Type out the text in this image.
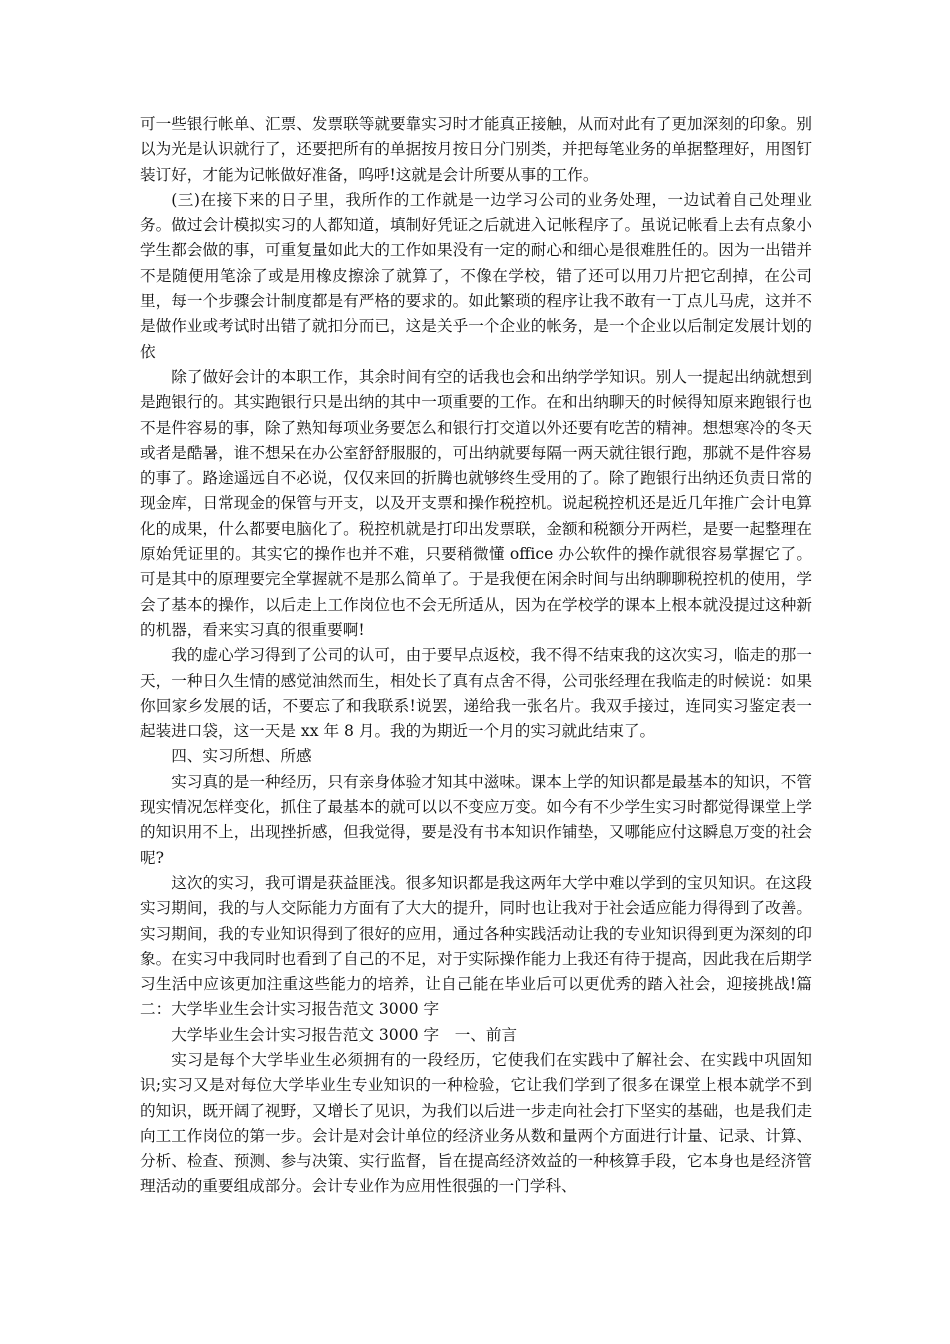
可一些银行帐单、汇票、发票联等就要靠实习时才能真正接触，从而对此有了更加深刻的印象。别以为光是认识就行了，还要把所有的单据按月按日分门别类，并把每笔业务的单据整理好，用图钉装订好，才能为记帐做好准备，呜呼!这就是会计所要从事的工作。

(三)在接下来的日子里，我所作的工作就是一边学习公司的业务处理，一边试着自己处理业务。做过会计模拟实习的人都知道，填制好凭证之后就进入记帐程序了。虽说记帐看上去有点象小学生都会做的事，可重复量如此大的工作如果没有一定的耐心和细心是很难胜任的。因为一出错并不是随便用笔涂了或是用橡皮擦涂了就算了，不像在学校，错了还可以用刀片把它刮掉，在公司里，每一个步骤会计制度都是有严格的要求的。如此繁琐的程序让我不敢有一丁点儿马虎，这并不是做作业或考试时出错了就扣分而已，这是关乎一个企业的帐务，是一个企业以后制定发展计划的依

除了做好会计的本职工作，其余时间有空的话我也会和出纳学学知识。别人一提起出纳就想到是跑银行的。其实跑银行只是出纳的其中一项重要的工作。在和出纳聊天的时候得知原来跑银行也不是件容易的事，除了熟知每项业务要怎么和银行打交道以外还要有吃苦的精神。想想寒冷的冬天或者是酷暑，谁不想呆在办公室舒舒服服的，可出纳就要每隔一两天就往银行跑，那就不是件容易的事了。路途遥远自不必说，仅仅来回的折腾也就够终生受用的了。除了跑银行出纳还负责日常的现金库，日常现金的保管与开支，以及开支票和操作税控机。说起税控机还是近几年推广会计电算化的成果，什么都要电脑化了。税控机就是打印出发票联，金额和税额分开两栏，是要一起整理在原始凭证里的。其实它的操作也并不难，只要稍微懂 office 办公软件的操作就很容易掌握它了。可是其中的原理要完全掌握就不是那么简单了。于是我便在闲余时间与出纳聊聊税控机的使用，学会了基本的操作，以后走上工作岗位也不会无所适从，因为在学校学的课本上根本就没提过这种新的机器，看来实习真的很重要啊!

我的虚心学习得到了公司的认可，由于要早点返校，我不得不结束我的这次实习，临走的那一天，一种日久生情的感觉油然而生，相处长了真有点舍不得，公司张经理在我临走的时候说：如果你回家乡发展的话，不要忘了和我联系!说罢，递给我一张名片。我双手接过，连同实习鉴定表一起装进口袋，这一天是 xx 年 8 月。我的为期近一个月的实习就此结束了。

四、实习所想、所感

实习真的是一种经历，只有亲身体验才知其中滋味。课本上学的知识都是最基本的知识，不管现实情况怎样变化，抓住了最基本的就可以以不变应万变。如今有不少学生实习时都觉得课堂上学的知识用不上，出现挫折感，但我觉得，要是没有书本知识作铺垫，又哪能应付这瞬息万变的社会呢?

这次的实习，我可谓是获益匪浅。很多知识都是我这两年大学中难以学到的宝贝知识。在这段实习期间，我的与人交际能力方面有了大大的提升，同时也让我对于社会适应能力得得到了改善。实习期间，我的专业知识得到了很好的应用，通过各种实践活动让我的专业知识得到更为深刻的印象。在实习中我同时也看到了自己的不足，对于实际操作能力上我还有待于提高，因此我在后期学习生活中应该更加注重这些能力的培养，让自己能在毕业后可以更优秀的踏入社会，迎接挑战!篇二：大学毕业生会计实习报告范文 3000 字

大学毕业生会计实习报告范文 3000 字　一、前言

实习是每个大学毕业生必须拥有的一段经历，它使我们在实践中了解社会、在实践中巩固知识;实习又是对每位大学毕业生专业知识的一种检验，它让我们学到了很多在课堂上根本就学不到的知识，既开阔了视野，又增长了见识，为我们以后进一步走向社会打下坚实的基础，也是我们走向工工作岗位的第一步。会计是对会计单位的经济业务从数和量两个方面进行计量、记录、计算、分析、检查、预测、参与决策、实行监督，旨在提高经济效益的一种核算手段，它本身也是经济管理活动的重要组成部分。会计专业作为应用性很强的一门学科、
